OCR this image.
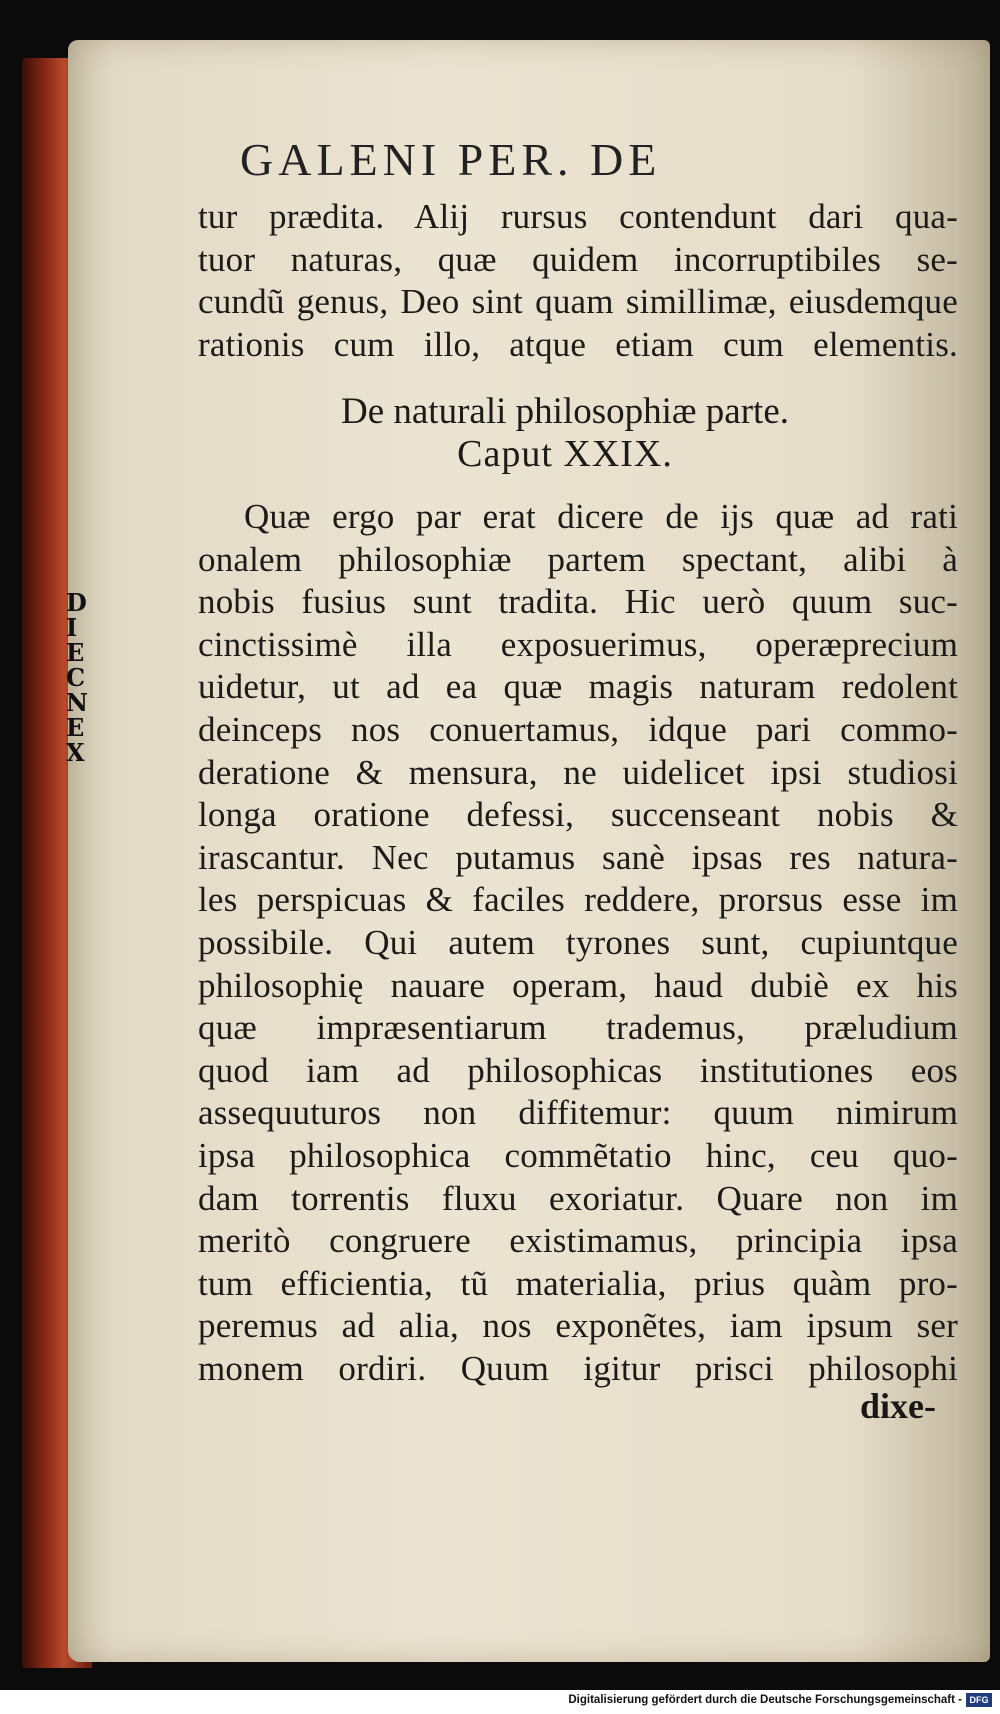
D
I
E
C
N
E
X
GALENI PER. DE
tur prædita. Alij rursus contendunt dari qua-
tuor naturas, quæ quidem incorruptibiles se-
cundũ genus, Deo sint quam simillimæ, eiusdemque
rationis cum illo, atque etiam cum elementis.
De naturali philosophiæ parte.
Caput XXIX.
Quæ ergo par erat dicere de ijs quæ ad rati
onalem philosophiæ partem spectant, alibi à
nobis fusius sunt tradita. Hic uerò quum suc-
cinctissimè illa exposuerimus, operæprecium
uidetur, ut ad ea quæ magis naturam redolent
deinceps nos conuertamus, idque pari commo-
deratione & mensura, ne uidelicet ipsi studiosi
longa oratione defessi, succenseant nobis &
irascantur. Nec putamus sanè ipsas res natura-
les perspicuas & faciles reddere, prorsus esse im
possibile. Qui autem tyrones sunt, cupiuntque
philosophię nauare operam, haud dubiè ex his
quæ impræsentiarum trademus, præludium
quod iam ad philosophicas institutiones eos
assequuturos non diffitemur: quum nimirum
ipsa philosophica commẽtatio hinc, ceu quo-
dam torrentis fluxu exoriatur. Quare non im
meritò congruere existimamus, principia ipsa
tum efficientia, tũ materialia, prius quàm pro-
peremus ad alia, nos exponẽtes, iam ipsum ser
monem ordiri. Quum igitur prisci philosophi
dixe-
Digitalisierung gefördert durch die Deutsche Forschungsgemeinschaft - DFG
